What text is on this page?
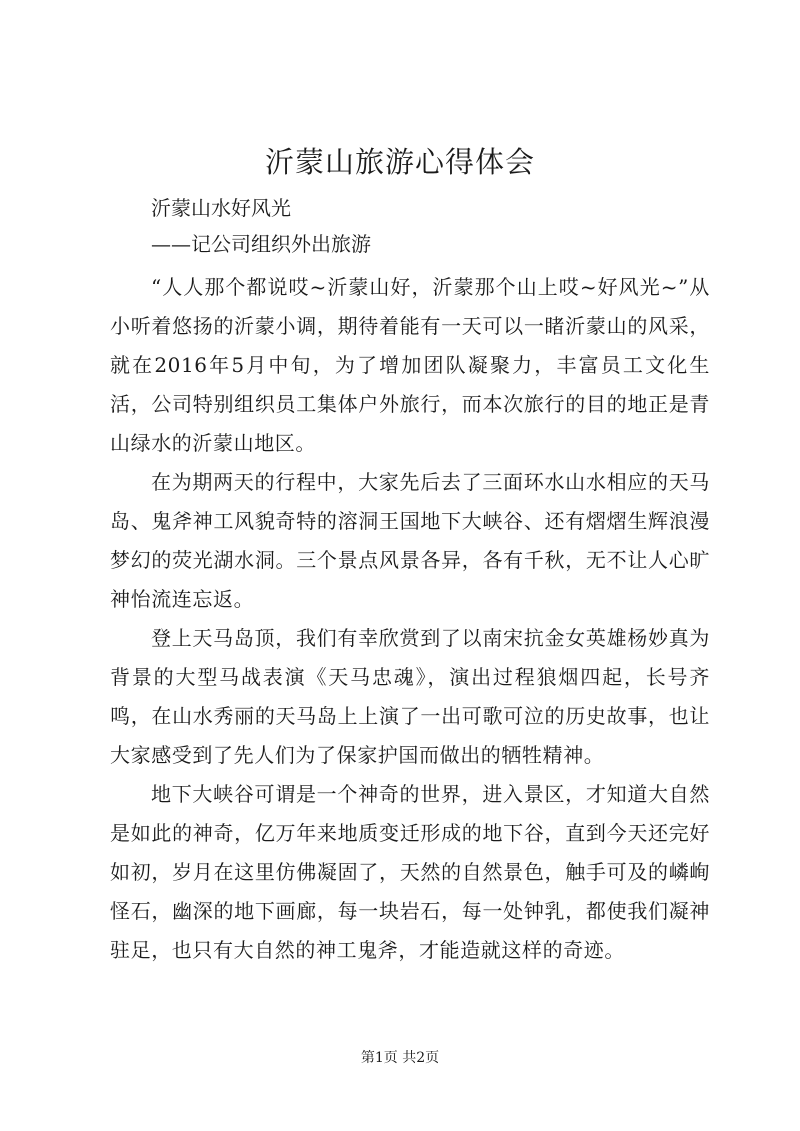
沂蒙山旅游心得体会

沂蒙山水好风光

——记公司组织外出旅游

“人人那个都说哎~沂蒙山好，沂蒙那个山上哎~好风光~”从小听着悠扬的沂蒙小调，期待着能有一天可以一睹沂蒙山的风采，就在2016年5月中旬，为了增加团队凝聚力，丰富员工文化生活，公司特别组织员工集体户外旅行，而本次旅行的目的地正是青山绿水的沂蒙山地区。

在为期两天的行程中，大家先后去了三面环水山水相应的天马岛、鬼斧神工风貌奇特的溶洞王国地下大峡谷、还有熠熠生辉浪漫梦幻的荧光湖水洞。三个景点风景各异，各有千秋，无不让人心旷神怡流连忘返。

登上天马岛顶，我们有幸欣赏到了以南宋抗金女英雄杨妙真为背景的大型马战表演《天马忠魂》，演出过程狼烟四起，长号齐鸣，在山水秀丽的天马岛上上演了一出可歌可泣的历史故事，也让大家感受到了先人们为了保家护国而做出的牺牲精神。

地下大峡谷可谓是一个神奇的世界，进入景区，才知道大自然是如此的神奇，亿万年来地质变迁形成的地下谷，直到今天还完好如初，岁月在这里仿佛凝固了，天然的自然景色，触手可及的嶙峋怪石，幽深的地下画廊，每一块岩石，每一处钟乳，都使我们凝神驻足，也只有大自然的神工鬼斧，才能造就这样的奇迹。

第1页 共2页
